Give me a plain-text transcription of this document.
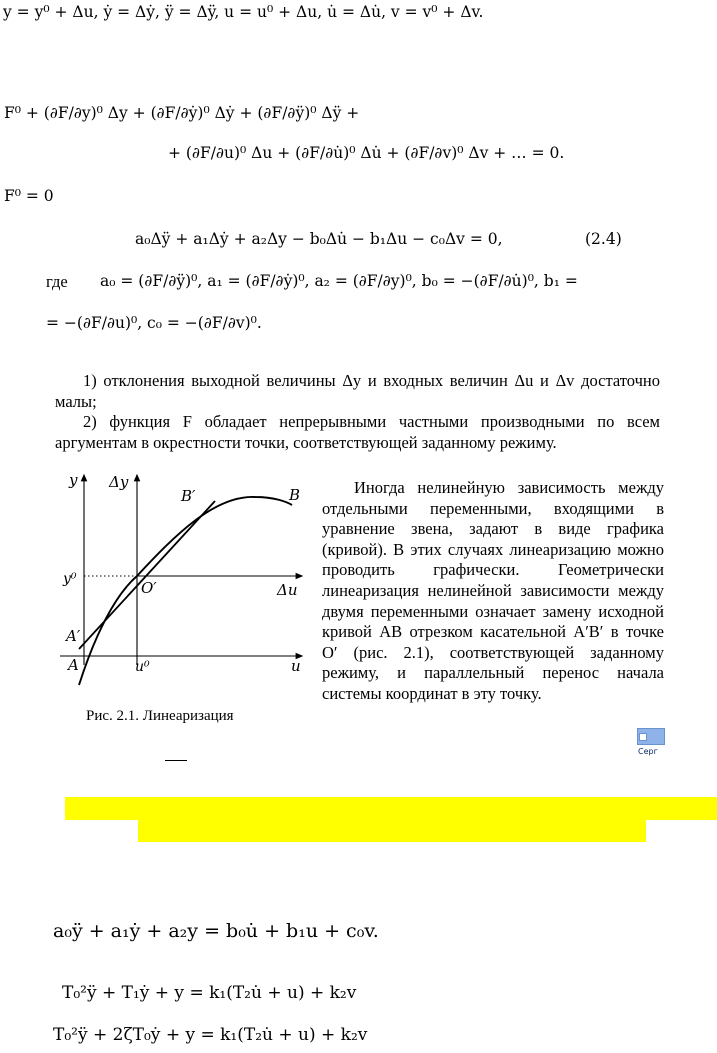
y = y⁰ + Δu, ẏ = Δẏ, ÿ = Δÿ, u = u⁰ + Δu, u̇ = Δu̇, v = v⁰ + Δv.
F⁰ + (∂F/∂y)⁰ Δy + (∂F/∂ẏ)⁰ Δẏ + (∂F/∂ÿ)⁰ Δÿ +
+ (∂F/∂u)⁰ Δu + (∂F/∂u̇)⁰ Δu̇ + (∂F/∂v)⁰ Δv + … = 0.
F⁰ = 0
a₀Δÿ + a₁Δẏ + a₂Δy − b₀Δu̇ − b₁Δu − c₀Δv = 0,	(2.4)
где a₀ = (∂F/∂ÿ)⁰, a₁ = (∂F/∂ẏ)⁰, a₂ = (∂F/∂y)⁰, b₀ = −(∂F/∂u̇)⁰, b₁ =
= −(∂F/∂u)⁰, c₀ = −(∂F/∂v)⁰.

1) отклонения выходной величины Δy и входных величин Δu и Δv достаточно малы;

2) функция F обладает непрерывными частными производными по всем аргументам в окрестности точки, соответствующей заданному режиму.

y Δy
B′	B
y⁰	O′	Δu
A′
A	u⁰	u
Рис. 2.1. Линеаризация

Иногда нелинейную зависимость между отдельными переменными, входящими в уравнение звена, задают в виде графика (кривой). В этих случаях линеаризацию можно проводить графически. Геометрически линеаризация нелинейной зависимости между двумя переменными означает замену исходной кривой AB отрезком касательной A′B′ в точке O′ (рис. 2.1), соответствующей заданному режиму, и параллельный перенос начала системы координат в эту точку.

Серг
a₀ÿ + a₁ẏ + a₂y = b₀u̇ + b₁u + c₀v.
T₀²ÿ + T₁ẏ + y = k₁(T₂u̇ + u) + k₂v
T₀²ÿ + 2ζT₀ẏ + y = k₁(T₂u̇ + u) + k₂v
